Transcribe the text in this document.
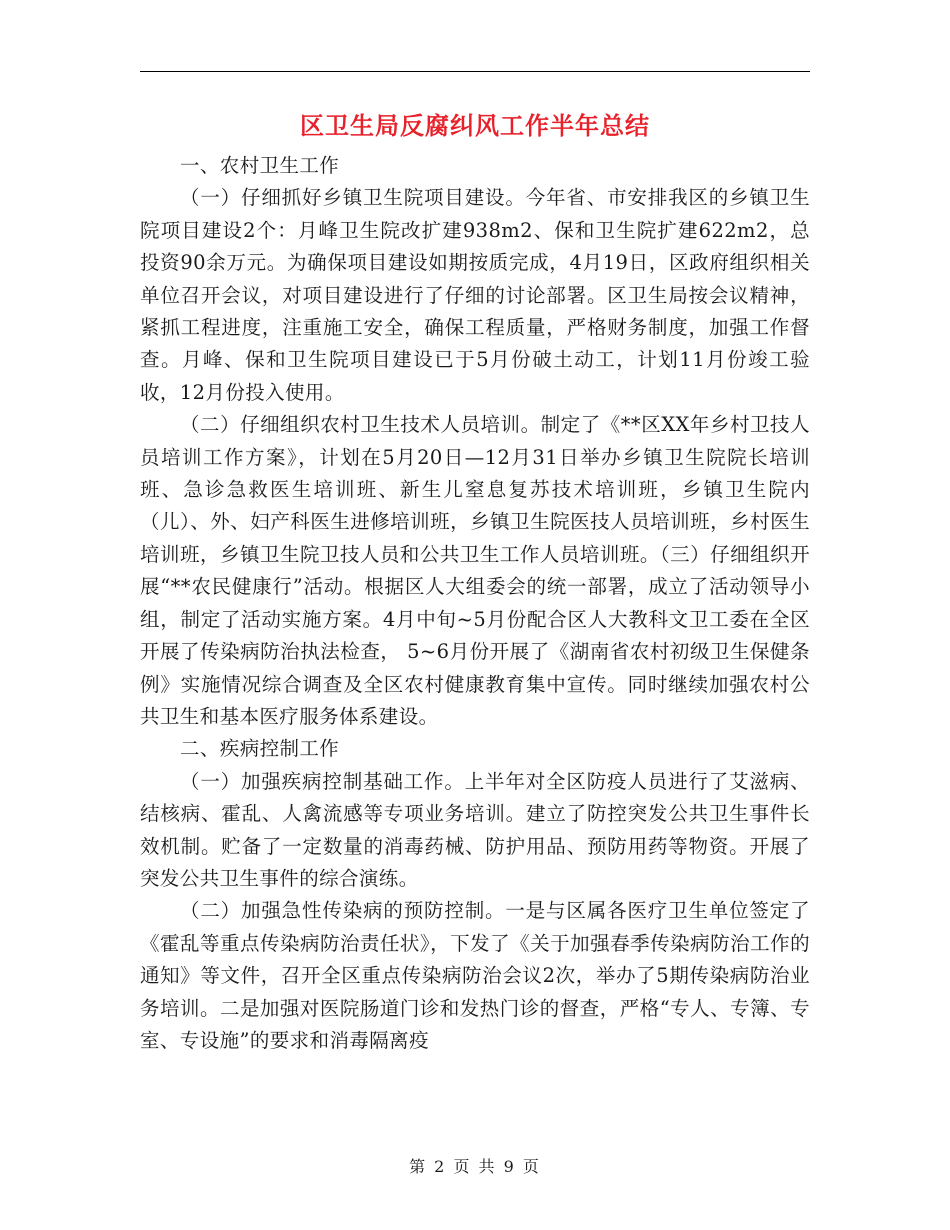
区卫生局反腐纠风工作半年总结

一、农村卫生工作

（一）仔细抓好乡镇卫生院项目建设。今年省、市安排我区的乡镇卫生院项目建设2个：月峰卫生院改扩建938m2、保和卫生院扩建622m2，总投资90余万元。为确保项目建设如期按质完成，4月19日，区政府组织相关单位召开会议，对项目建设进行了仔细的讨论部署。区卫生局按会议精神，紧抓工程进度，注重施工安全，确保工程质量，严格财务制度，加强工作督查。月峰、保和卫生院项目建设已于5月份破土动工，计划11月份竣工验收，12月份投入使用。

（二）仔细组织农村卫生技术人员培训。制定了《**区XX年乡村卫技人员培训工作方案》，计划在5月20日—12月31日举办乡镇卫生院院长培训班、急诊急救医生培训班、新生儿窒息复苏技术培训班，乡镇卫生院内（儿）、外、妇产科医生进修培训班，乡镇卫生院医技人员培训班，乡村医生培训班，乡镇卫生院卫技人员和公共卫生工作人员培训班。（三）仔细组织开展“**农民健康行”活动。根据区人大组委会的统一部署，成立了活动领导小组，制定了活动实施方案。4月中旬~5月份配合区人大教科文卫工委在全区开展了传染病防治执法检查， 5~6月份开展了《湖南省农村初级卫生保健条例》实施情况综合调查及全区农村健康教育集中宣传。同时继续加强农村公共卫生和基本医疗服务体系建设。

二、疾病控制工作

（一）加强疾病控制基础工作。上半年对全区防疫人员进行了艾滋病、结核病、霍乱、人禽流感等专项业务培训。建立了防控突发公共卫生事件长效机制。贮备了一定数量的消毒药械、防护用品、预防用药等物资。开展了突发公共卫生事件的综合演练。

（二）加强急性传染病的预防控制。一是与区属各医疗卫生单位签定了《霍乱等重点传染病防治责任状》，下发了《关于加强春季传染病防治工作的通知》等文件，召开全区重点传染病防治会议2次，举办了5期传染病防治业务培训。二是加强对医院肠道门诊和发热门诊的督查，严格“专人、专簿、专室、专设施”的要求和消毒隔离疫

第 2 页 共 9 页
